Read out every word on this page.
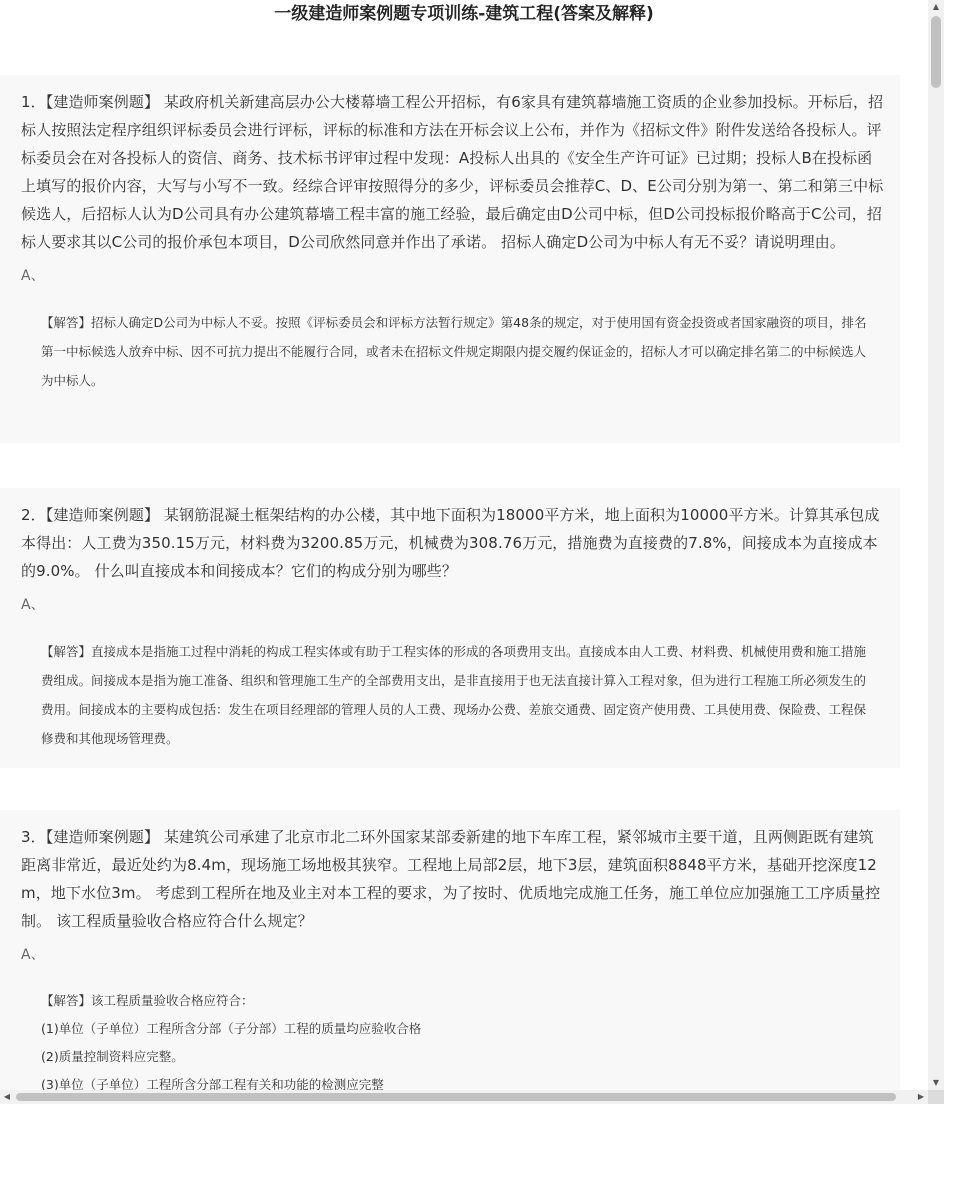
一级建造师案例题专项训练-建筑工程(答案及解释)

1．【建造师案例题】 某政府机关新建高层办公大楼幕墙工程公开招标，有6家具有建筑幕墙施工资质的企业参加投标。开标后，招标人按照法定程序组织评标委员会进行评标，评标的标准和方法在开标会议上公布，并作为《招标文件》附件发送给各投标人。评标委员会在对各投标人的资信、商务、技术标书评审过程中发现：A投标人出具的《安全生产许可证》已过期；投标人B在投标函上填写的报价内容，大写与小写不一致。经综合评审按照得分的多少，评标委员会推荐C、D、E公司分别为第一、第二和第三中标候选人，后招标人认为D公司具有办公建筑幕墙工程丰富的施工经验，最后确定由D公司中标，但D公司投标报价略高于C公司，招标人要求其以C公司的报价承包本项目，D公司欣然同意并作出了承诺。 招标人确定D公司为中标人有无不妥？请说明理由。

A、
【解答】招标人确定D公司为中标人不妥。按照《评标委员会和评标方法暂行规定》第48条的规定，对于使用国有资金投资或者国家融资的项目，排名第一中标候选人放弃中标、因不可抗力提出不能履行合同，或者未在招标文件规定期限内提交履约保证金的，招标人才可以确定排名第二的中标候选人为中标人。

2．【建造师案例题】 某钢筋混凝土框架结构的办公楼，其中地下面积为18000平方米，地上面积为10000平方米。计算其承包成本得出：人工费为350.15万元，材料费为3200.85万元，机械费为308.76万元，措施费为直接费的7.8%，间接成本为直接成本的9.0%。 什么叫直接成本和间接成本？它们的构成分别为哪些？

A、
【解答】直接成本是指施工过程中消耗的构成工程实体或有助于工程实体的形成的各项费用支出。直接成本由人工费、材料费、机械使用费和施工措施费组成。间接成本是指为施工准备、组织和管理施工生产的全部费用支出，是非直接用于也无法直接计算入工程对象，但为进行工程施工所必须发生的费用。间接成本的主要构成包括：发生在项目经理部的管理人员的人工费、现场办公费、差旅交通费、固定资产使用费、工具使用费、保险费、工程保修费和其他现场管理费。

3．【建造师案例题】 某建筑公司承建了北京市北二环外国家某部委新建的地下车库工程，紧邻城市主要干道，且两侧距既有建筑距离非常近，最近处约为8.4m，现场施工场地极其狭窄。工程地上局部2层，地下3层，建筑面积8848平方米，基础开挖深度12m，地下水位3m。 考虑到工程所在地及业主对本工程的要求，为了按时、优质地完成施工任务，施工单位应加强施工工序质量控制。 该工程质量验收合格应符合什么规定？

A、
【解答】该工程质量验收合格应符合：
(1)单位（子单位）工程所含分部（子分部）工程的质量均应验收合格
(2)质量控制资料应完整。
(3)单位（子单位）工程所含分部工程有关和功能的检测应完整
▲
▼
◀	▶
